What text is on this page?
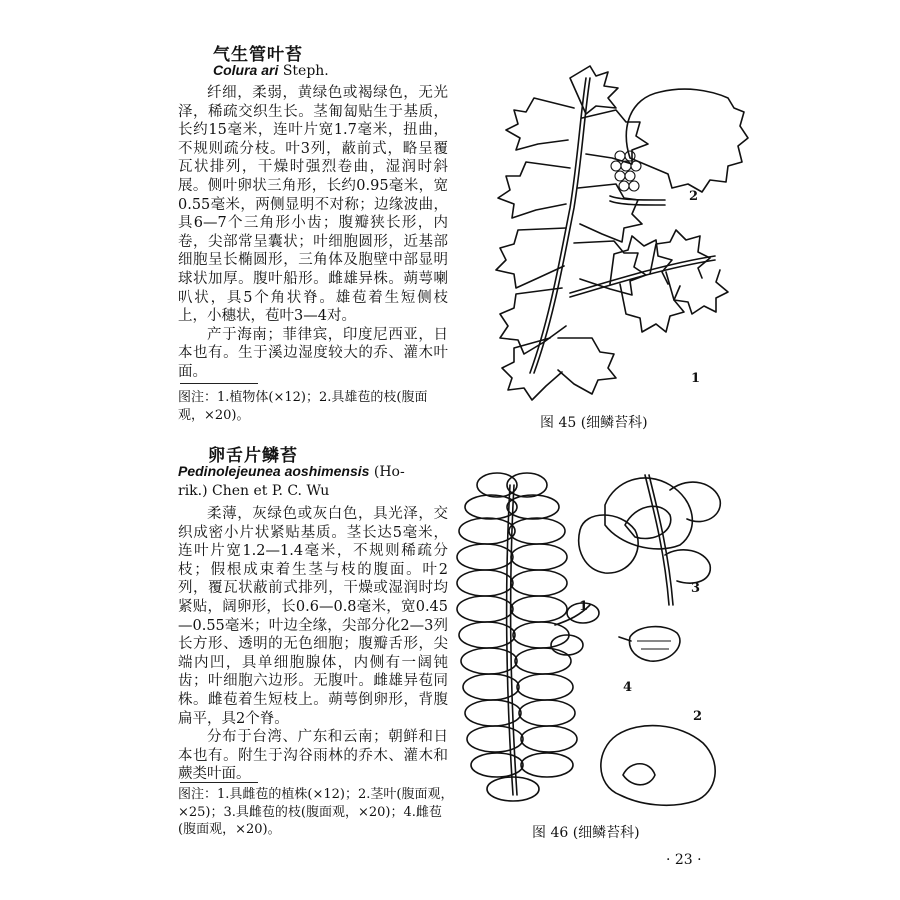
气生管叶苔
Colura ari Steph.

纤细，柔弱，黄绿色或褐绿色，无光泽，稀疏交织生长。茎匍匐贴生于基质，长约15毫米，连叶片宽1.7毫米，扭曲，不规则疏分枝。叶3列，蔽前式，略呈覆瓦状排列，干燥时强烈卷曲，湿润时斜展。侧叶卵状三角形，长约0.95毫米，宽0.55毫米，两侧显明不对称；边缘波曲，具6—7个三角形小齿；腹瓣狭长形，内卷，尖部常呈囊状；叶细胞圆形，近基部细胞呈长椭圆形，三角体及胞壁中部显明球状加厚。腹叶船形。雌雄异株。蒴萼喇叭状，具5个角状脊。雄苞着生短侧枝上，小穗状，苞叶3—4对。

产于海南；菲律宾，印度尼西亚，日本也有。生于溪边湿度较大的乔、灌木叶面。

图注：1.植物体(×12)；2.具雄苞的枝(腹面观，×20)。
2
1
图 45 (细鳞苔科)
卵舌片鳞苔
Pedinolejeunea aoshimensis (Ho-
rik.) Chen et P. C. Wu

柔薄，灰绿色或灰白色，具光泽，交织成密小片状紧贴基质。茎长达5毫米，连叶片宽1.2—1.4毫米，不规则稀疏分枝；假根成束着生茎与枝的腹面。叶2列，覆瓦状蔽前式排列，干燥或湿润时均紧贴，阔卵形，长0.6—0.8毫米，宽0.45—0.55毫米；叶边全缘，尖部分化2—3列长方形、透明的无色细胞；腹瓣舌形，尖端内凹，具单细胞腺体，内侧有一阔钝齿；叶细胞六边形。无腹叶。雌雄异苞同株。雌苞着生短枝上。蒴萼倒卵形，背腹扁平，具2个脊。

分布于台湾、广东和云南；朝鲜和日本也有。附生于沟谷雨林的乔木、灌木和蕨类叶面。

图注：1.具雌苞的植株(×12)；2.茎叶(腹面观，×25)；3.具雌苞的枝(腹面观，×20)；4.雌苞(腹面观，×20)。
1
3
4
2
图 46 (细鳞苔科)
· 23 ·
